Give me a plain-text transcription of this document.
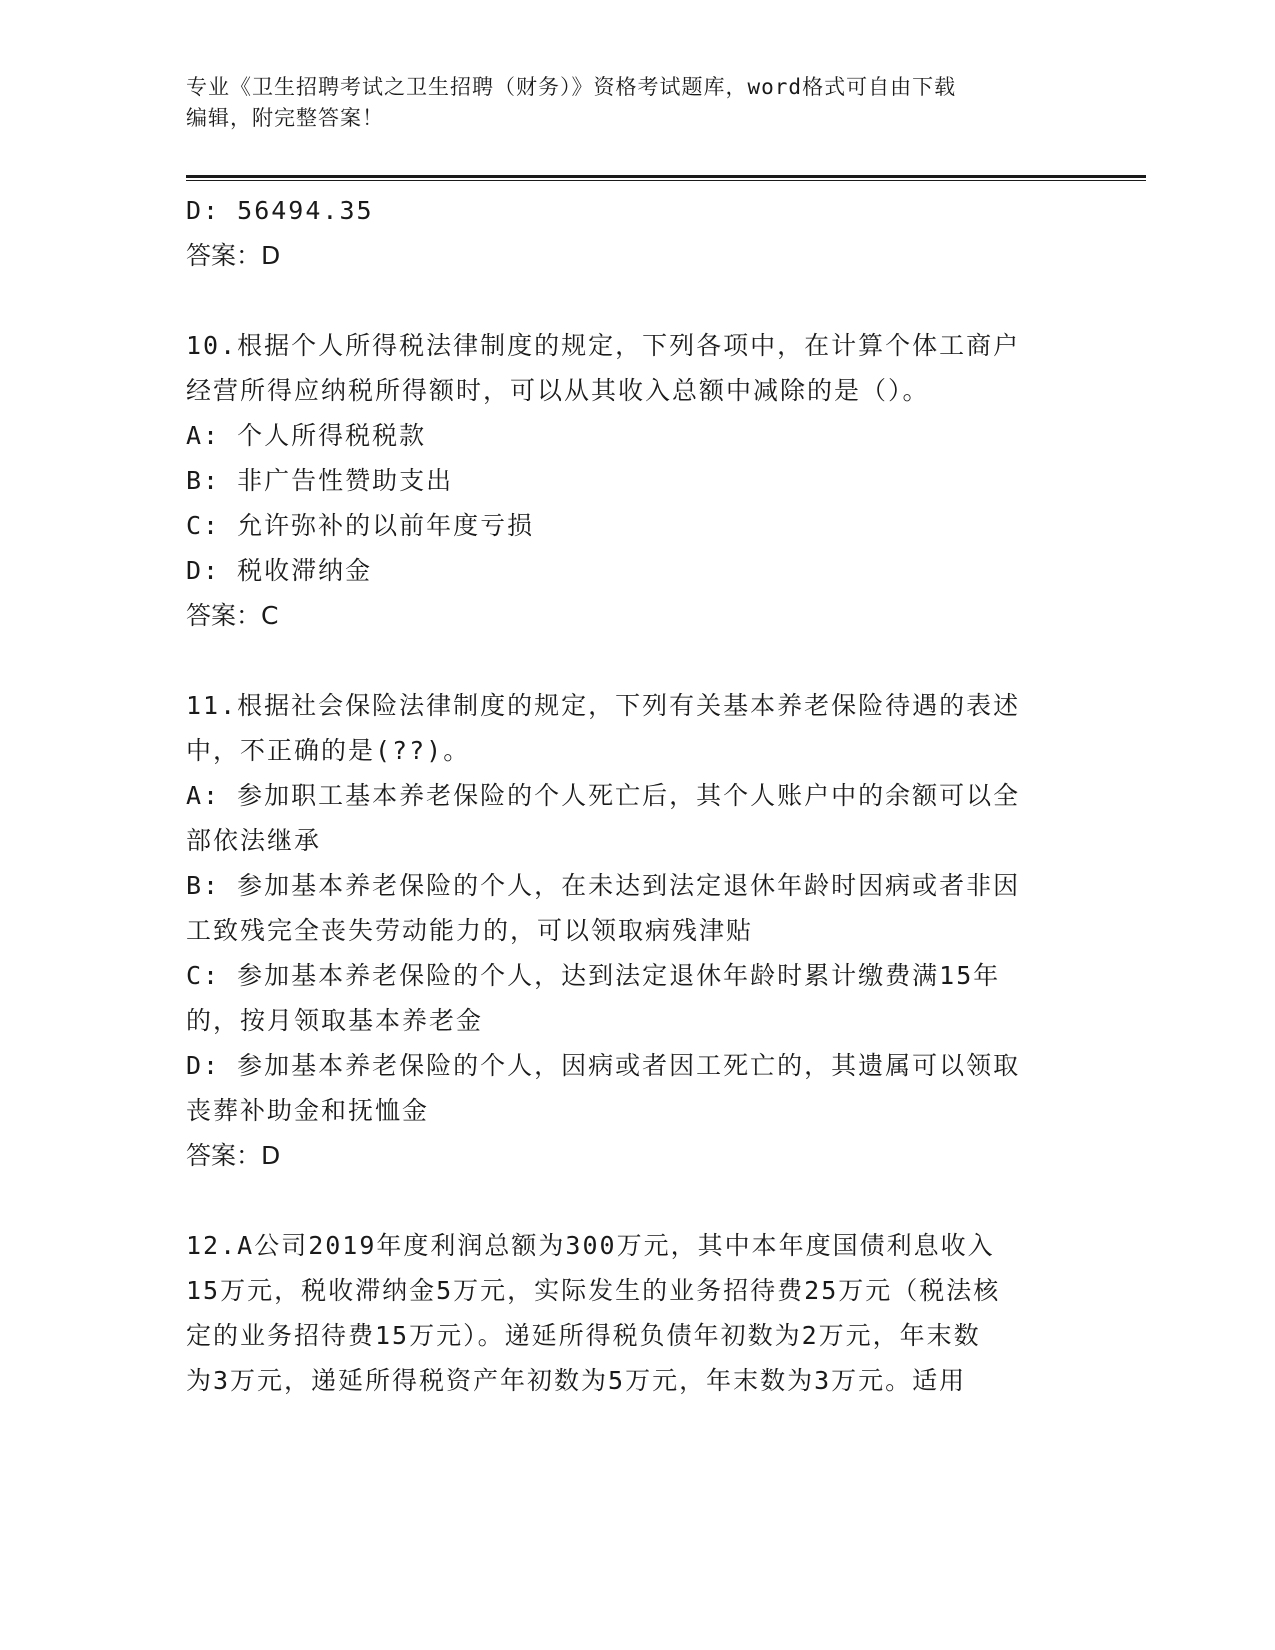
专业《卫生招聘考试之卫生招聘（财务）》资格考试题库，word格式可自由下载
编辑，附完整答案！
D: 56494.35
答案：D
10.根据个人所得税法律制度的规定，下列各项中，在计算个体工商户
经营所得应纳税所得额时，可以从其收入总额中减除的是（）。
A: 个人所得税税款
B: 非广告性赞助支出
C: 允许弥补的以前年度亏损
D: 税收滞纳金
答案：C
11.根据社会保险法律制度的规定，下列有关基本养老保险待遇的表述
中，不正确的是(??)。
A: 参加职工基本养老保险的个人死亡后，其个人账户中的余额可以全
部依法继承
B: 参加基本养老保险的个人，在未达到法定退休年龄时因病或者非因
工致残完全丧失劳动能力的，可以领取病残津贴
C: 参加基本养老保险的个人，达到法定退休年龄时累计缴费满15年
的，按月领取基本养老金
D: 参加基本养老保险的个人，因病或者因工死亡的，其遗属可以领取
丧葬补助金和抚恤金
答案：D
12.A公司2019年度利润总额为300万元，其中本年度国债利息收入
15万元，税收滞纳金5万元，实际发生的业务招待费25万元（税法核
定的业务招待费15万元）。递延所得税负债年初数为2万元，年末数
为3万元，递延所得税资产年初数为5万元，年末数为3万元。适用
